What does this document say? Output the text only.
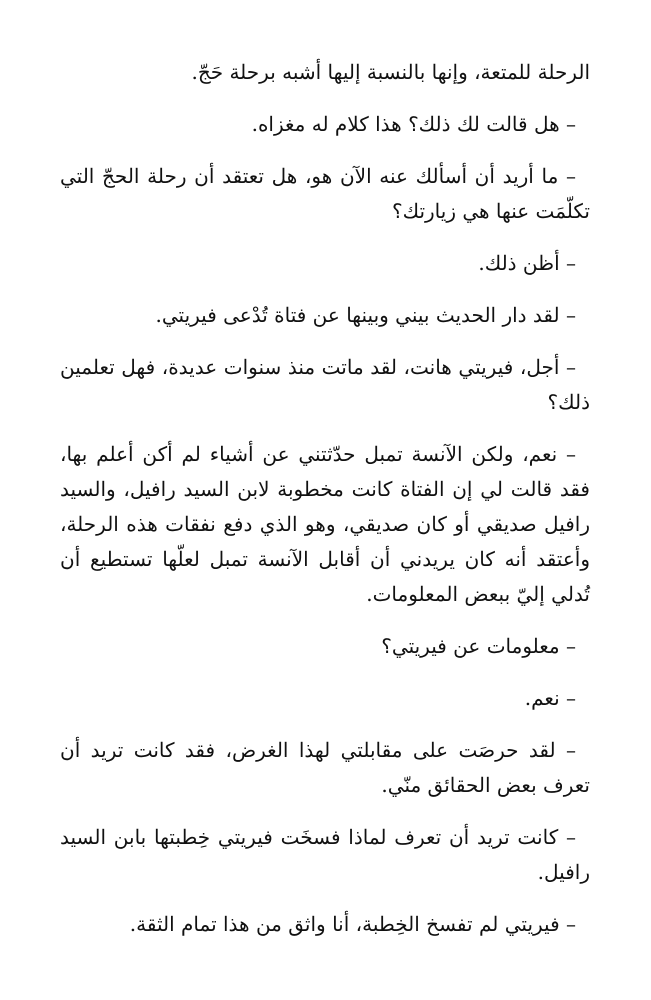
الرحلة للمتعة، وإنها بالنسبة إليها أشبه برحلة حَجّ.

– هل قالت لك ذلك؟ هذا كلام له مغزاه.

– ما أريد أن أسألك عنه الآن هو، هل تعتقد أن رحلة الحجّ التي تكلّمَت عنها هي زيارتك؟

– أظن ذلك.

– لقد دار الحديث بيني وبينها عن فتاة تُدْعى فيريتي.

– أجل، فيريتي هانت، لقد ماتت منذ سنوات عديدة، فهل تعلمين ذلك؟

– نعم، ولكن الآنسة تمبل حدّثتني عن أشياء لم أكن أعلم بها، فقد قالت لي إن الفتاة كانت مخطوبة لابن السيد رافيل، والسيد رافيل صديقي أو كان صديقي، وهو الذي دفع نفقات هذه الرحلة، وأعتقد أنه كان يريدني أن أقابل الآنسة تمبل لعلّها تستطيع أن تُدلي إليّ ببعض المعلومات.

– معلومات عن فيريتي؟

– نعم.

– لقد حرصَت على مقابلتي لهذا الغرض، فقد كانت تريد أن تعرف بعض الحقائق منّي.

– كانت تريد أن تعرف لماذا فسخَت فيريتي خِطبتها بابن السيد رافيل.

– فيريتي لم تفسخ الخِطبة، أنا واثق من هذا تمام الثقة.
